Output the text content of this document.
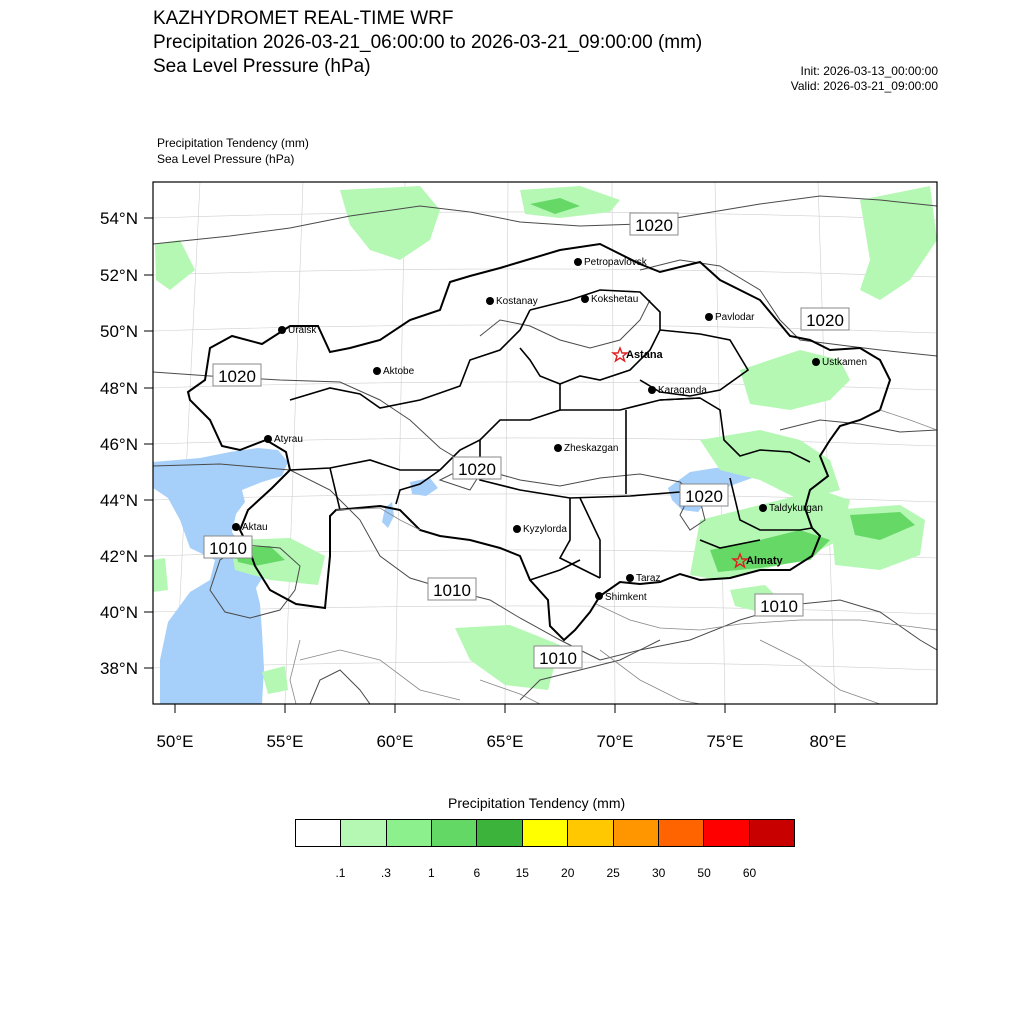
KAZHYDROMET REAL-TIME WRF
Precipitation 2026-03-21_06:00:00 to 2026-03-21_09:00:00 (mm)
Sea Level Pressure (hPa)	Init: 2026-03-13_00:00:00
Valid: 2026-03-21_09:00:00
Precipitation Tendency (mm)
Sea Level Pressure (hPa)
54°N
52°N
50°N
48°N
46°N
44°N
42°N
40°N
38°N
50°E	55°E	60°E	65°E	70°E	75°E	80°E
1020
1020
1020
1020
1020
1010
1010
1010
1010
Petropavlovsk
Kostanay	Kokshetau
Pavlodar
Uralsk
Aktobe
Astana
Ustkamen
Karaganda
Atyrau
Zheskazgan
Taldykurgan
Aktau	Kyzylorda
Almaty
Taraz
Shimkent
Precipitation Tendency (mm)
.1	.3	1	6	15	20	25	30	50	60
